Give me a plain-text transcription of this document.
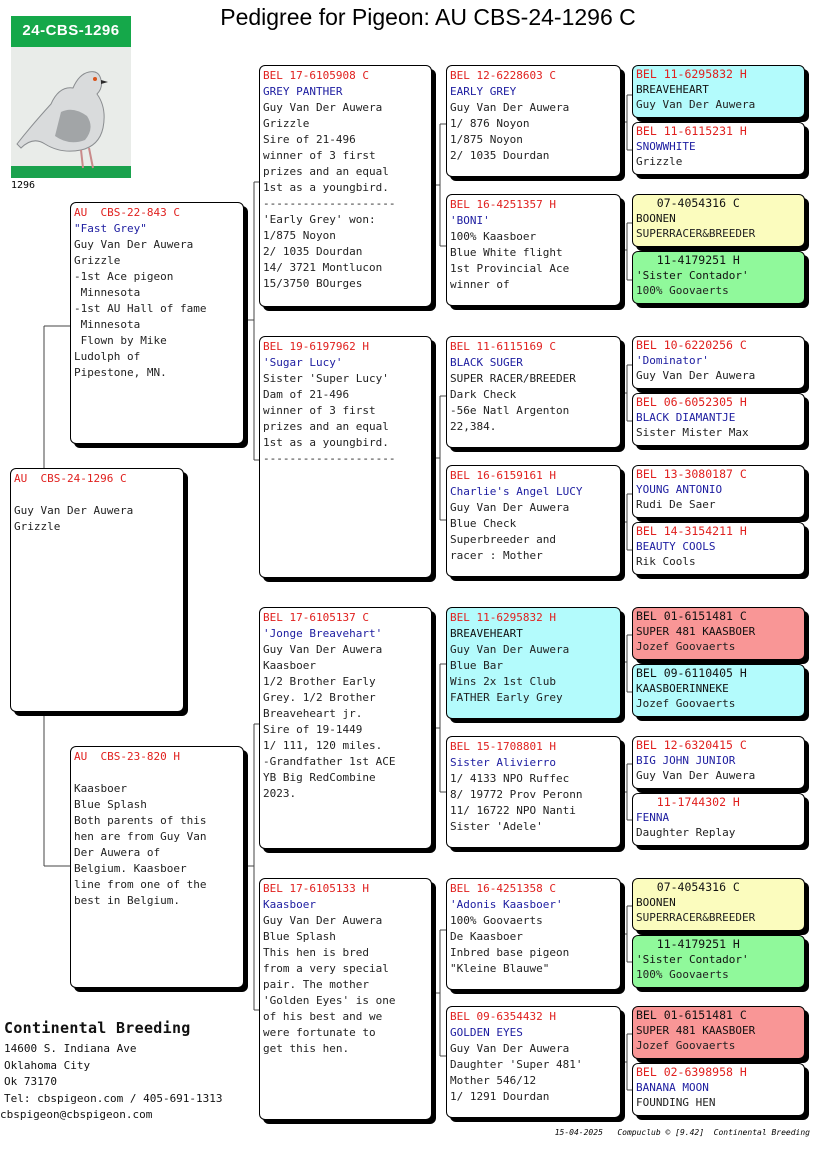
Pedigree for Pigeon: AU CBS-24-1296 C
24-CBS-1296
1296
AU  CBS-24-1296 C

Guy Van Der Auwera
Grizzle
AU  CBS-22-843 C
"Fast Grey"
Guy Van Der Auwera
Grizzle
-1st Ace pigeon
Minnesota
-1st AU Hall of fame
Minnesota
Flown by Mike
Ludolph of
Pipestone, MN.
AU  CBS-23-820 H

Kaasboer
Blue Splash
Both parents of this
hen are from Guy Van
Der Auwera of
Belgium. Kaasboer
line from one of the
best in Belgium.
BEL 17-6105908 C
GREY PANTHER
Guy Van Der Auwera
Grizzle
Sire of 21-496
winner of 3 first
prizes and an equal
1st as a youngbird.
--------------------
'Early Grey' won:
1/875 Noyon
2/ 1035 Dourdan
14/ 3721 Montlucon
15/3750 BOurges
BEL 19-6197962 H
'Sugar Lucy'
Sister 'Super Lucy'
Dam of 21-496
winner of 3 first
prizes and an equal
1st as a youngbird.
--------------------
BEL 17-6105137 C
'Jonge Breavehart'
Guy Van Der Auwera
Kaasboer
1/2 Brother Early
Grey. 1/2 Brother
Breaveheart jr.
Sire of 19-1449
1/ 111, 120 miles.
-Grandfather 1st ACE
YB Big RedCombine
2023.
BEL 17-6105133 H
Kaasboer
Guy Van Der Auwera
Blue Splash
This hen is bred
from a very special
pair. The mother
'Golden Eyes' is one
of his best and we
were fortunate to
get this hen.
BEL 12-6228603 C
EARLY GREY
Guy Van Der Auwera
1/ 876 Noyon
1/875 Noyon
2/ 1035 Dourdan
BEL 16-4251357 H
'BONI'
100% Kaasboer
Blue White flight
1st Provincial Ace
winner of
BEL 11-6115169 C
BLACK SUGER
SUPER RACER/BREEDER
Dark Check
-56e Natl Argenton
22,384.
BEL 16-6159161 H
Charlie's Angel LUCY
Guy Van Der Auwera
Blue Check
Superbreeder and
racer : Mother
BEL 11-6295832 H
BREAVEHEART
Guy Van Der Auwera
Blue Bar
Wins 2x 1st Club
FATHER Early Grey
BEL 15-1708801 H
Sister Alivierro
1/ 4133 NPO Ruffec
8/ 19772 Prov Peronn
11/ 16722 NPO Nanti
Sister 'Adele'
BEL 16-4251358 C
'Adonis Kaasboer'
100% Goovaerts
De Kaasboer
Inbred base pigeon
"Kleine Blauwe"
BEL 09-6354432 H
GOLDEN EYES
Guy Van Der Auwera
Daughter 'Super 481'
Mother 546/12
1/ 1291 Dourdan
BEL 11-6295832 H
BREAVEHEART
Guy Van Der Auwera
BEL 11-6115231 H
SNOWWHITE
Grizzle
07-4054316 C
BOONEN
SUPERRACER&BREEDER
11-4179251 H
'Sister Contador'
100% Goovaerts
BEL 10-6220256 C
'Dominator'
Guy Van Der Auwera
BEL 06-6052305 H
BLACK DIAMANTJE
Sister Mister Max
BEL 13-3080187 C
YOUNG ANTONIO
Rudi De Saer
BEL 14-3154211 H
BEAUTY COOLS
Rik Cools
BEL 01-6151481 C
SUPER 481 KAASBOER
Jozef Goovaerts
BEL 09-6110405 H
KAASBOERINNEKE
Jozef Goovaerts
BEL 12-6320415 C
BIG JOHN JUNIOR
Guy Van Der Auwera
11-1744302 H
FENNA
Daughter Replay
07-4054316 C
BOONEN
SUPERRACER&BREEDER
11-4179251 H
'Sister Contador'
100% Goovaerts
BEL 01-6151481 C
SUPER 481 KAASBOER
Jozef Goovaerts
BEL 02-6398958 H
BANANA MOON
FOUNDING HEN
Continental Breeding
14600 S. Indiana Ave
Oklahoma City
Ok 73170
Tel: cbspigeon.com / 405-691-1313
cbspigeon@cbspigeon.com
15-04-2025   Compuclub © [9.42]  Continental Breeding
